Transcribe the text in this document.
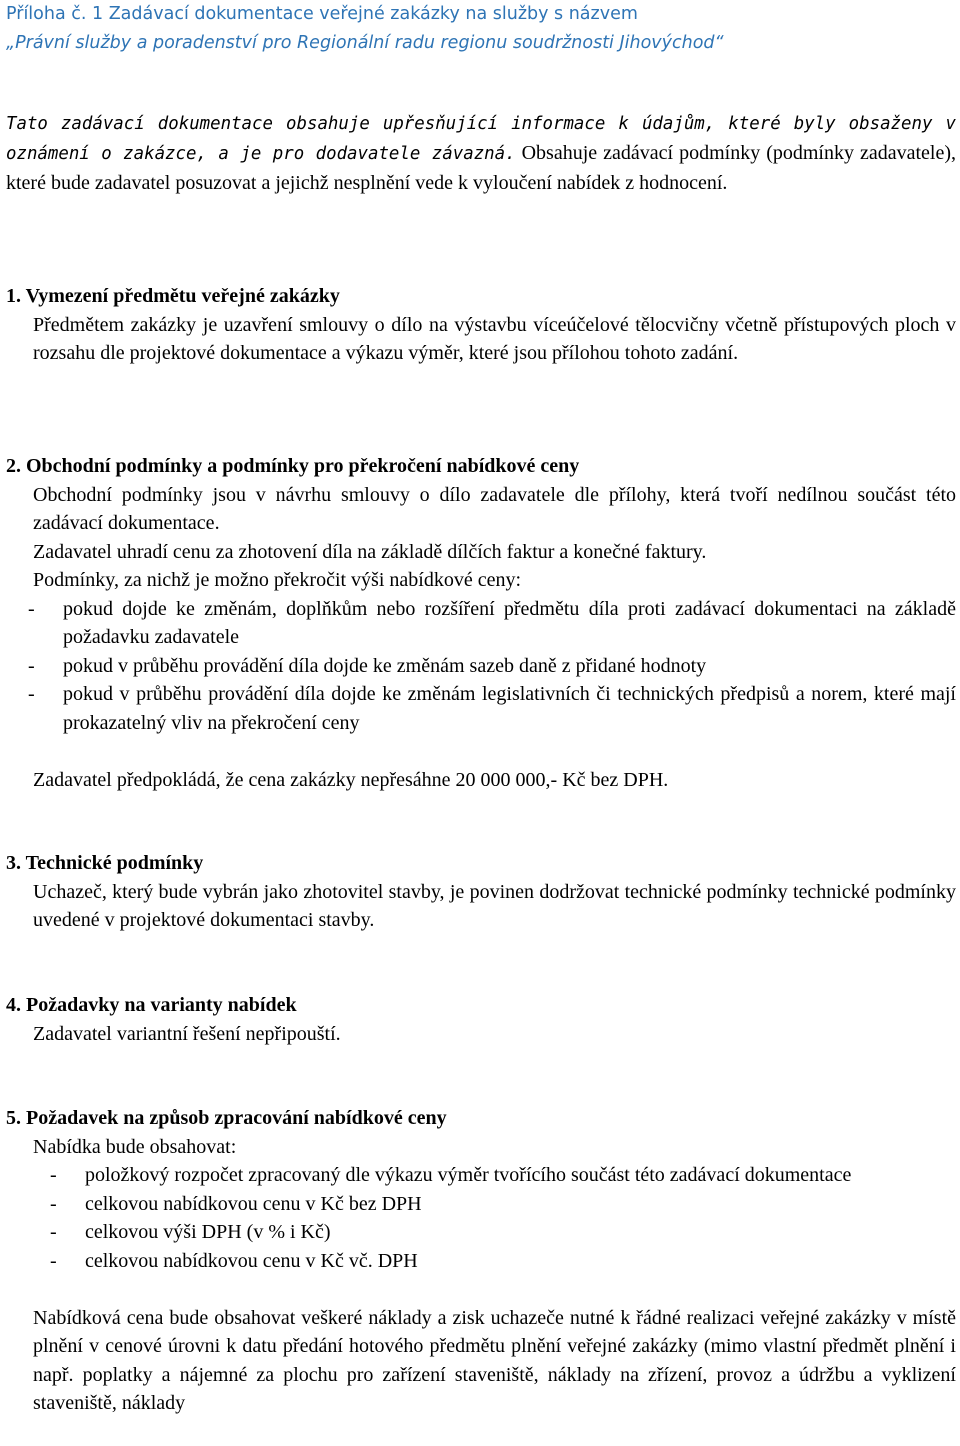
Příloha č. 1 Zadávací dokumentace veřejné zakázky na služby s názvem
„Právní služby a poradenství pro Regionální radu regionu soudržnosti Jihovýchod“
Tato zadávací dokumentace obsahuje upřesňující informace k údajům, které byly obsaženy v oznámení o zakázce, a je pro dodavatele závazná. Obsahuje zadávací podmínky (podmínky zadavatele), které bude zadavatel posuzovat a jejichž nesplnění vede k vyloučení nabídek z hodnocení.
1. Vymezení předmětu veřejné zakázky

Předmětem zakázky je uzavření smlouvy o dílo na výstavbu víceúčelové tělocvičny včetně přístupových ploch v rozsahu dle projektové dokumentace a výkazu výměr, které jsou přílohou tohoto zadání.

2. Obchodní podmínky a podmínky pro překročení nabídkové ceny

Obchodní podmínky jsou v návrhu smlouvy o dílo zadavatele dle přílohy, která tvoří nedílnou součást této zadávací dokumentace.

Zadavatel uhradí cenu za zhotovení díla na základě dílčích faktur a konečné faktury.

Podmínky, za nichž je možno překročit výši nabídkové ceny:

- pokud dojde ke změnám, doplňkům nebo rozšíření předmětu díla proti zadávací dokumentaci na základě požadavku zadavatele
- pokud v průběhu provádění díla dojde ke změnám sazeb daně z přidané hodnoty
- pokud v průběhu provádění díla dojde ke změnám legislativních či technických předpisů a norem, které mají prokazatelný vliv na překročení ceny

Zadavatel předpokládá, že cena zakázky nepřesáhne 20 000 000,- Kč bez DPH.

3. Technické podmínky

Uchazeč, který bude vybrán jako zhotovitel stavby, je povinen dodržovat technické podmínky technické podmínky uvedené v projektové dokumentaci stavby.

4. Požadavky na varianty nabídek

Zadavatel variantní řešení nepřipouští.

5. Požadavek na způsob zpracování nabídkové ceny

Nabídka bude obsahovat:

- položkový rozpočet zpracovaný dle výkazu výměr tvořícího součást této zadávací dokumentace
- celkovou nabídkovou cenu v Kč bez DPH
- celkovou výši DPH (v % i Kč)
- celkovou nabídkovou cenu v Kč vč. DPH

Nabídková cena bude obsahovat veškeré náklady a zisk uchazeče nutné k řádné realizaci veřejné zakázky v místě plnění v cenové úrovni k datu předání hotového předmětu plnění veřejné zakázky (mimo vlastní předmět plnění i např. poplatky a nájemné za plochu pro zařízení staveniště, náklady na zřízení, provoz a údržbu a vyklizení staveniště, náklady
